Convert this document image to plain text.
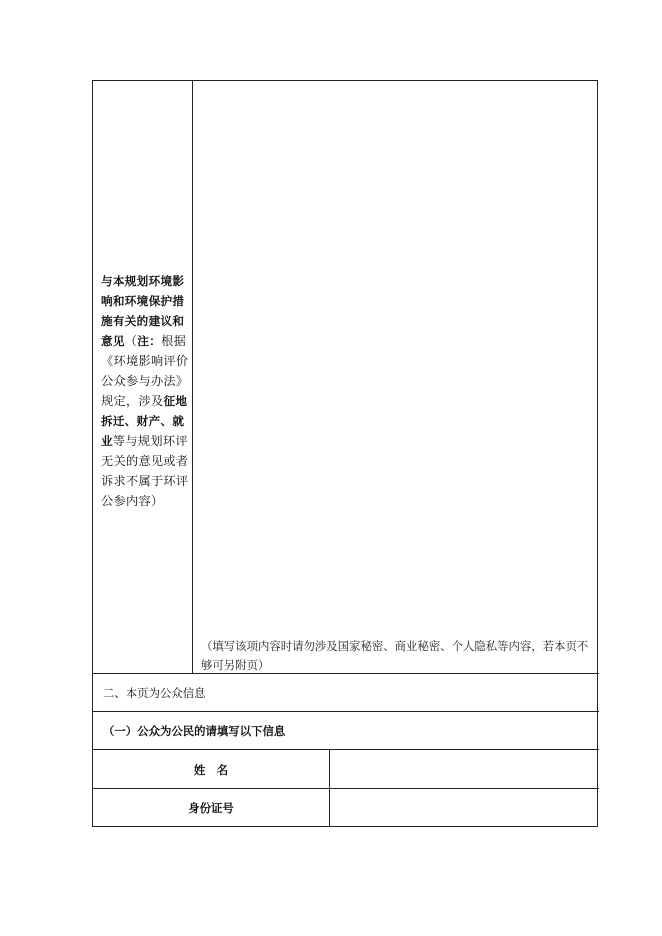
与本规划环境影响和环境保护措施有关的建议和意见（注：根据《环境影响评价公众参与办法》规定，涉及征地拆迁、财产、就业等与规划环评无关的意见或者诉求不属于环评公参内容）
（填写该项内容时请勿涉及国家秘密、商业秘密、个人隐私等内容，若本页不够可另附页）
二、本页为公众信息
（一）公众为公民的请填写以下信息
姓　名
身份证号
